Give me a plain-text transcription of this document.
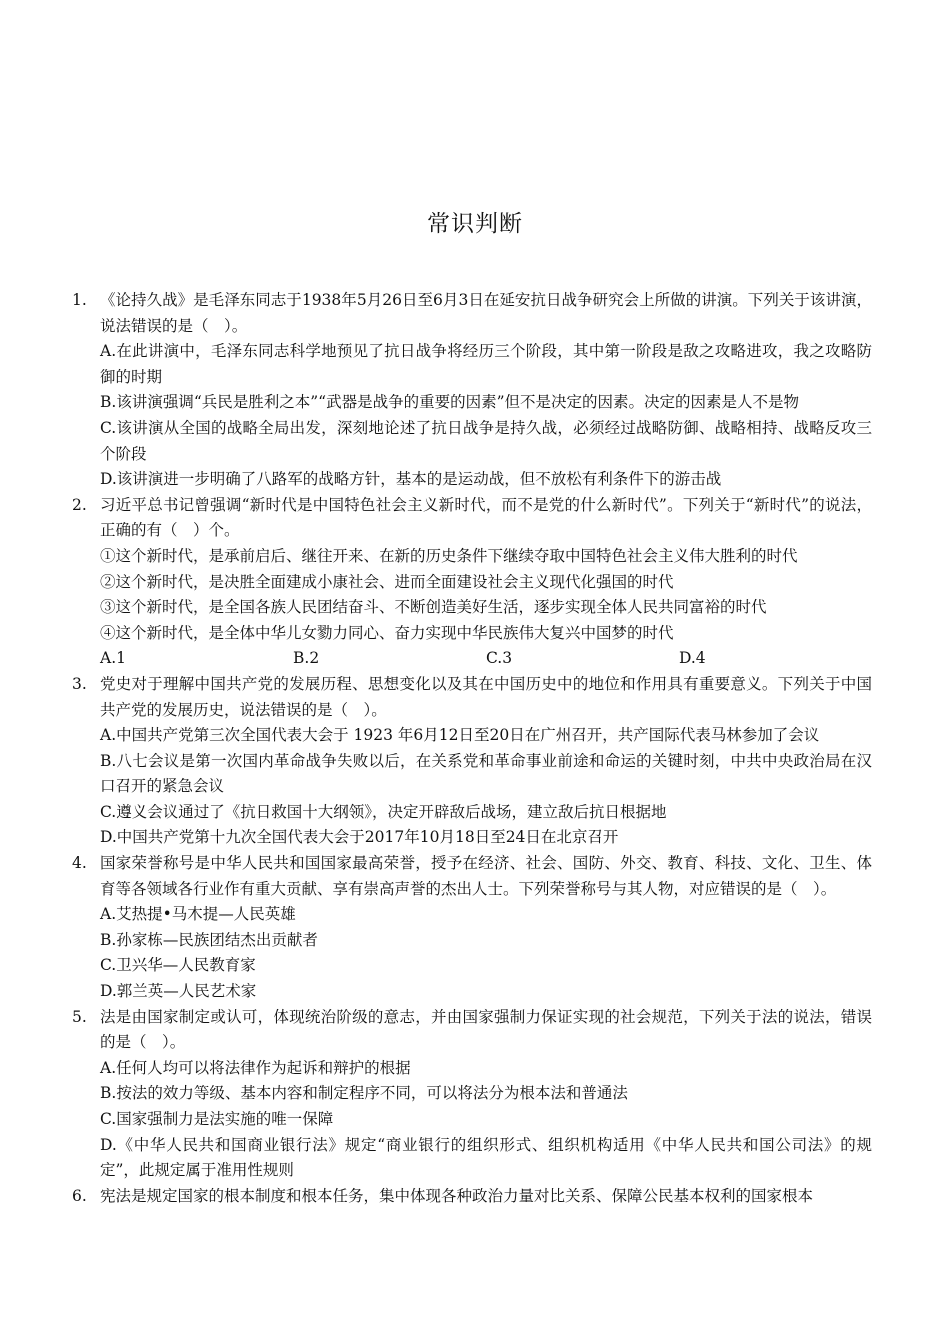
常识判断
1. 《论持久战》是毛泽东同志于1938年5月26日至6月3日在延安抗日战争研究会上所做的讲演。下列关于该讲演，说法错误的是（　）。

A.在此讲演中，毛泽东同志科学地预见了抗日战争将经历三个阶段，其中第一阶段是敌之攻略进攻，我之攻略防御的时期

B.该讲演强调“兵民是胜利之本”“武器是战争的重要的因素”但不是决定的因素。决定的因素是人不是物

C.该讲演从全国的战略全局出发，深刻地论述了抗日战争是持久战，必须经过战略防御、战略相持、战略反攻三个阶段

D.该讲演进一步明确了八路军的战略方针，基本的是运动战，但不放松有利条件下的游击战

2. 习近平总书记曾强调“新时代是中国特色社会主义新时代，而不是党的什么新时代”。下列关于“新时代”的说法，正确的有（　）个。

①这个新时代，是承前启后、继往开来、在新的历史条件下继续夺取中国特色社会主义伟大胜利的时代

②这个新时代，是决胜全面建成小康社会、进而全面建设社会主义现代化强国的时代

③这个新时代，是全国各族人民团结奋斗、不断创造美好生活，逐步实现全体人民共同富裕的时代

④这个新时代，是全体中华儿女勠力同心、奋力实现中华民族伟大复兴中国梦的时代

A.1	B.2	C.3	D.4
3. 党史对于理解中国共产党的发展历程、思想变化以及其在中国历史中的地位和作用具有重要意义。下列关于中国共产党的发展历史，说法错误的是（　）。

A.中国共产党第三次全国代表大会于 1923 年6月12日至20日在广州召开，共产国际代表马林参加了会议

B.八七会议是第一次国内革命战争失败以后，在关系党和革命事业前途和命运的关键时刻，中共中央政治局在汉口召开的紧急会议

C.遵义会议通过了《抗日救国十大纲领》，决定开辟敌后战场，建立敌后抗日根据地

D.中国共产党第十九次全国代表大会于2017年10月18日至24日在北京召开

4. 国家荣誉称号是中华人民共和国国家最高荣誉，授予在经济、社会、国防、外交、教育、科技、文化、卫生、体育等各领域各行业作有重大贡献、享有崇高声誉的杰出人士。下列荣誉称号与其人物，对应错误的是（　）。

A.艾热提•马木提—人民英雄

B.孙家栋—民族团结杰出贡献者

C.卫兴华—人民教育家

D.郭兰英—人民艺术家

5. 法是由国家制定或认可，体现统治阶级的意志，并由国家强制力保证实现的社会规范，下列关于法的说法，错误的是（　）。

A.任何人均可以将法律作为起诉和辩护的根据

B.按法的效力等级、基本内容和制定程序不同，可以将法分为根本法和普通法

C.国家强制力是法实施的唯一保障

D.《中华人民共和国商业银行法》规定“商业银行的组织形式、组织机构适用《中华人民共和国公司法》的规定”，此规定属于准用性规则

6. 宪法是规定国家的根本制度和根本任务，集中体现各种政治力量对比关系、保障公民基本权利的国家根本
